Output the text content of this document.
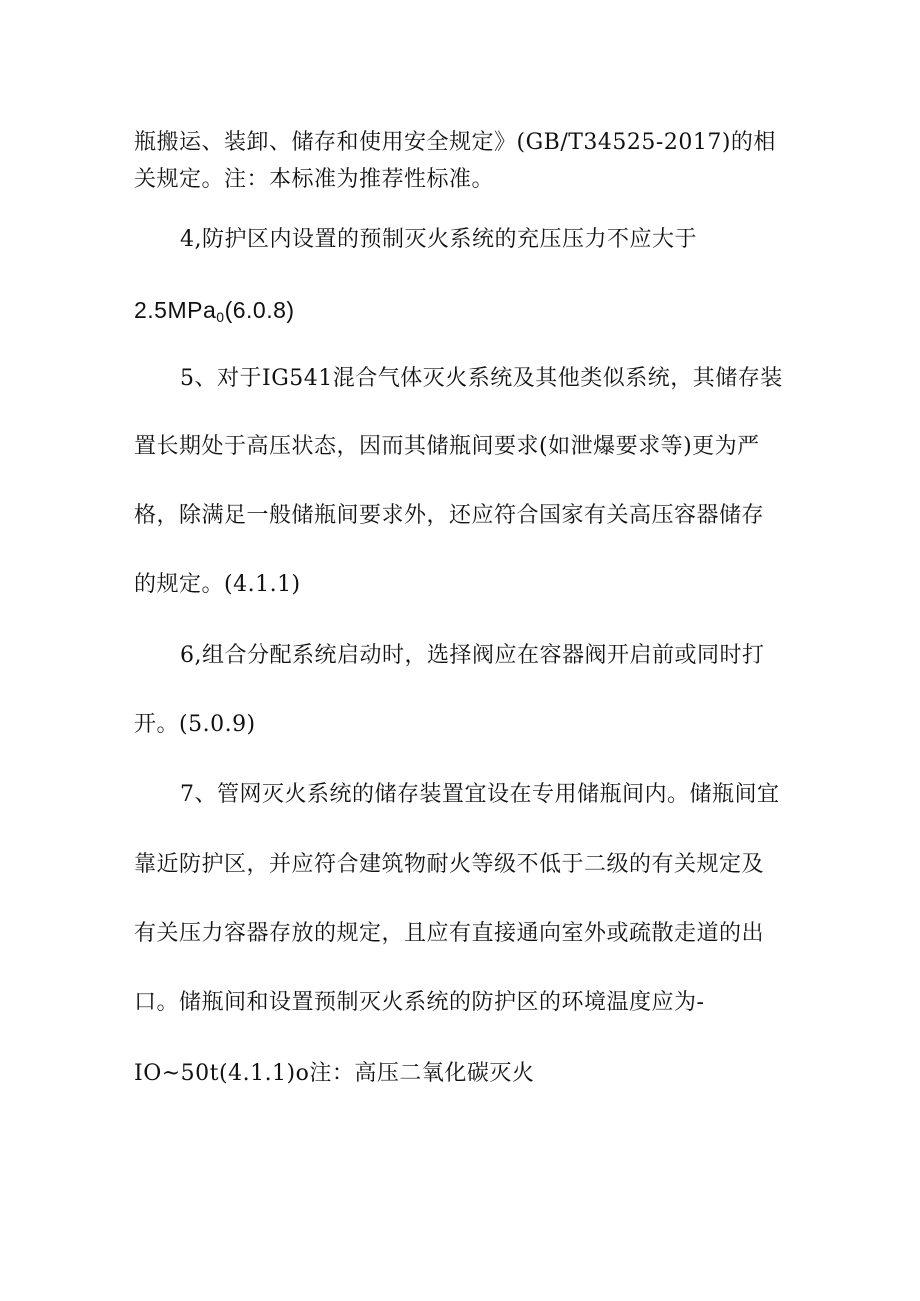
瓶搬运、装卸、储存和使用安全规定》(GB/T34525-2017)的相
关规定。注：本标准为推荐性标准。
4,防护区内设置的预制灭火系统的充压压力不应大于
2.5MPa$_0$(6.0.8)
5、对于IG541混合气体灭火系统及其他类似系统，其储存装
置长期处于高压状态，因而其储瓶间要求(如泄爆要求等)更为严
格，除满足一般储瓶间要求外，还应符合国家有关高压容器储存
的规定。(4.1.1)
6,组合分配系统启动时，选择阀应在容器阀开启前或同时打
开。(5.0.9)
7、管网灭火系统的储存装置宜设在专用储瓶间内。储瓶间宜
靠近防护区，并应符合建筑物耐火等级不低于二级的有关规定及
有关压力容器存放的规定，且应有直接通向室外或疏散走道的出
口。储瓶间和设置预制灭火系统的防护区的环境温度应为-
IO~50t(4.1.1)o注：高压二氧化碳灭火
